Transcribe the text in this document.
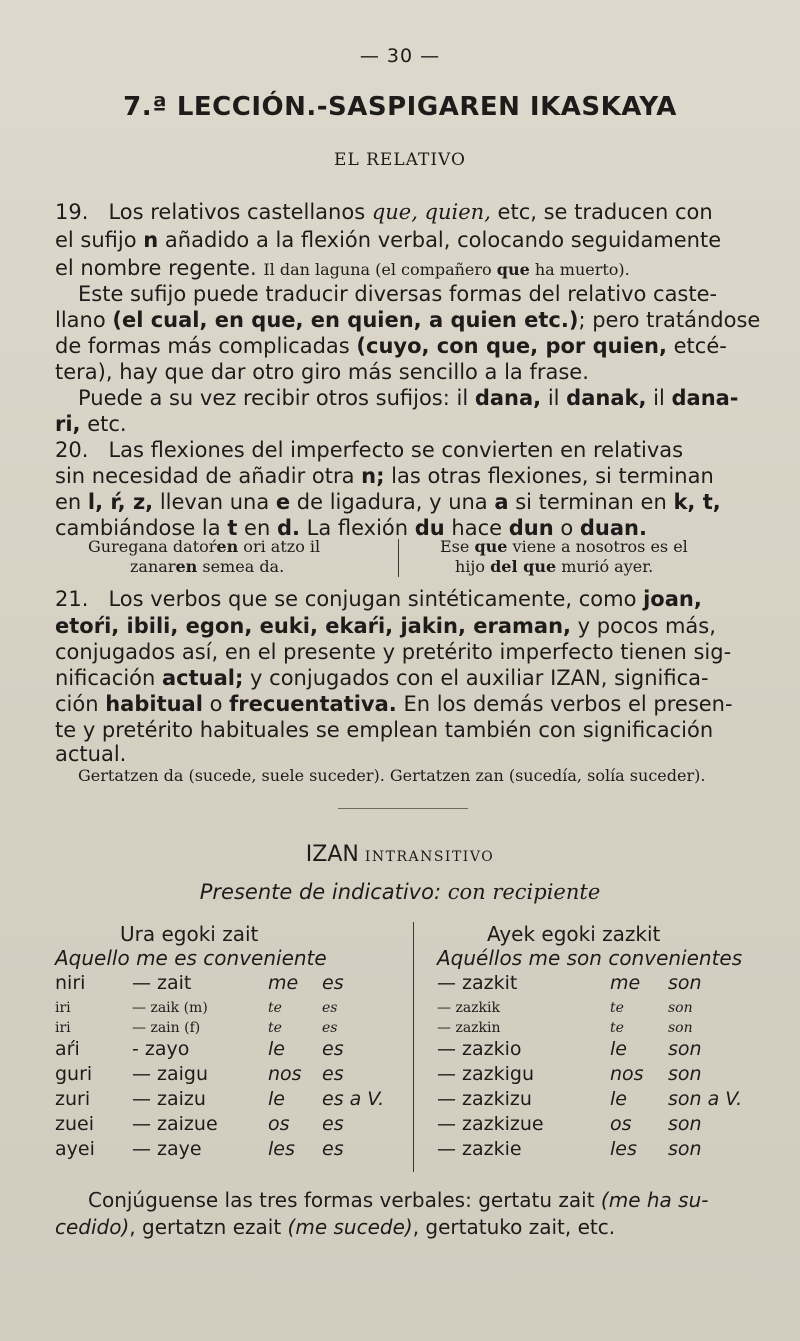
— 30 —
7.ª LECCIÓN.-SASPIGAREN IKASKAYA
EL RELATIVO
19. Los relativos castellanos que, quien, etc, se traducen con
el sufijo n añadido a la flexión verbal, colocando seguidamente
el nombre regente. Il dan laguna (el compañero que ha muerto).
Este sufijo puede traducir diversas formas del relativo caste-
llano (el cual, en que, en quien, a quien etc.); pero tratándose
de formas más complicadas (cuyo, con que, por quien, etcé-
tera), hay que dar otro giro más sencillo a la frase.
Puede a su vez recibir otros sufijos: il dana, il danak, il dana-
ri, etc.
20. Las flexiones del imperfecto se convierten en relativas
sin necesidad de añadir otra n; las otras flexiones, si terminan
en l, ŕ, z, llevan una e de ligadura, y una a si terminan en k, t,
cambiándose la t en d. La flexión du hace dun o duan.
Guregana datoŕen ori atzo il
zanaren semea da.
Ese que viene a nosotros es el
hijo del que murió ayer.
21. Los verbos que se conjugan sintéticamente, como joan,
etoŕi, ibili, egon, euki, ekaŕi, jakin, eraman, y pocos más,
conjugados así, en el presente y pretérito imperfecto tienen sig-
nificación actual; y conjugados con el auxiliar IZAN, significa-
ción habitual o frecuentativa. En los demás verbos el presen-
te y pretérito habituales se emplean también con significación
actual.
Gertatzen da (sucede, suele suceder). Gertatzen zan (sucedía, solía suceder).
IZAN INTRANSITIVO
Presente de indicativo: con recipiente
Ura egoki zait
Aquello me es conveniente
Ayek egoki zazkit
Aquéllos me son convenientes
niri — zait	me es	— zazkit	me son
iri	— zaik (m)	te	es	— zazkik	te	son
iri	— zain (f)	te	es	— zazkin	te	son
aŕi	- zayo	le es	— zazkio	le son
guri — zaigu	nos es	— zazkigu	nos son
zuri — zaizu	le es a V.	— zazkizu	le son a V.
zuei — zaizue	os es	— zazkizue	os son
ayei — zaye	les es	— zazkie	les son
Conjúguense las tres formas verbales: gertatu zait (me ha su-
cedido), gertatzn ezait (me sucede), gertatuko zait, etc.
